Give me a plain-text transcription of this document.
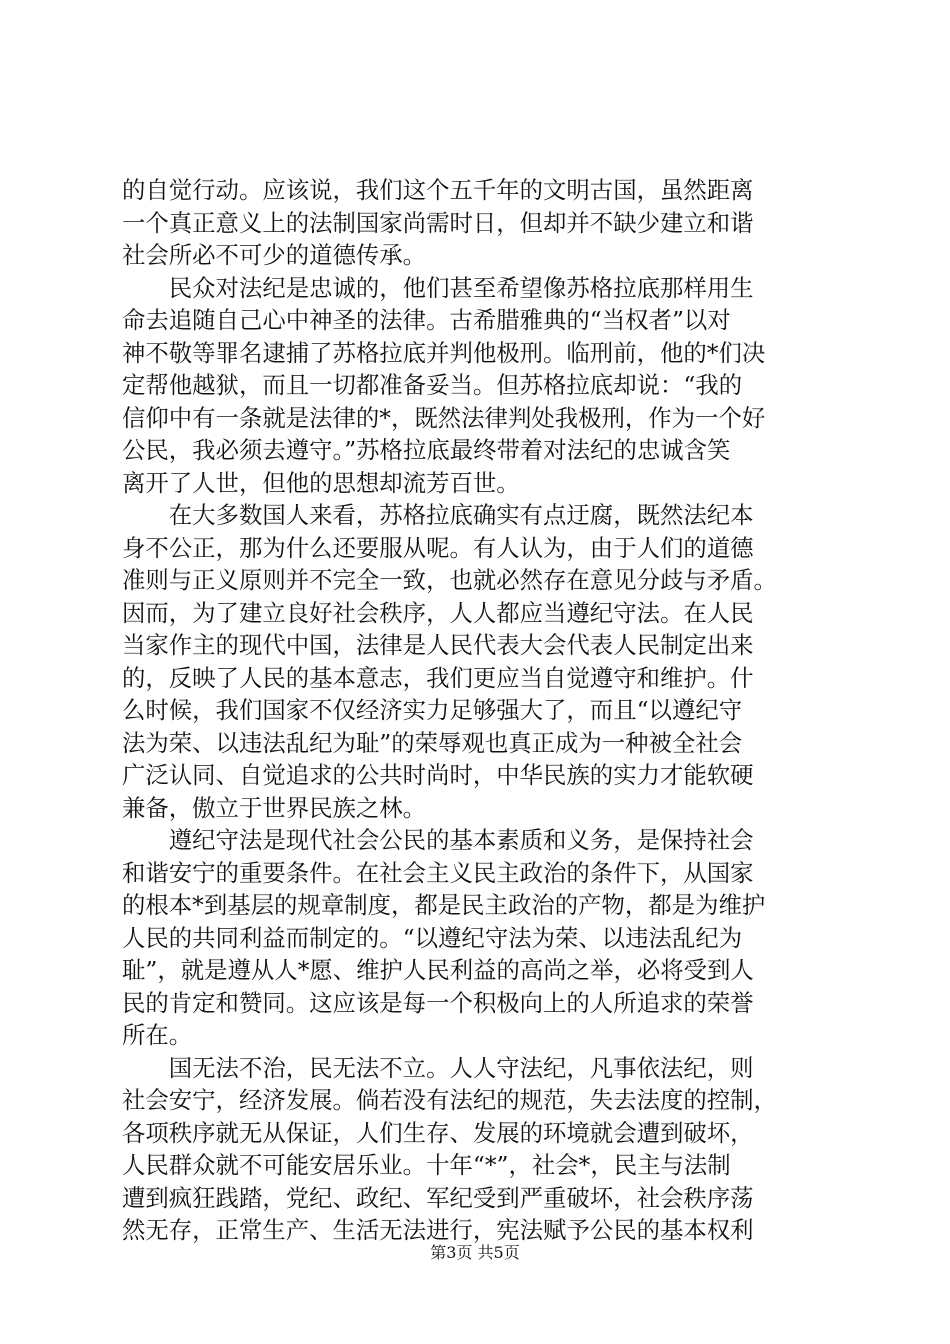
的自觉行动。应该说，我们这个五千年的文明古国，虽然距离
一个真正意义上的法制国家尚需时日，但却并不缺少建立和谐
社会所必不可少的道德传承。
　　民众对法纪是忠诚的，他们甚至希望像苏格拉底那样用生
命去追随自己心中神圣的法律。古希腊雅典的“当权者”以对
神不敬等罪名逮捕了苏格拉底并判他极刑。临刑前，他的*们决
定帮他越狱，而且一切都准备妥当。但苏格拉底却说：“我的
信仰中有一条就是法律的*，既然法律判处我极刑，作为一个好
公民，我必须去遵守。”苏格拉底最终带着对法纪的忠诚含笑
离开了人世，但他的思想却流芳百世。
　　在大多数国人来看，苏格拉底确实有点迂腐，既然法纪本
身不公正，那为什么还要服从呢。有人认为，由于人们的道德
准则与正义原则并不完全一致，也就必然存在意见分歧与矛盾。
因而，为了建立良好社会秩序，人人都应当遵纪守法。在人民
当家作主的现代中国，法律是人民代表大会代表人民制定出来
的，反映了人民的基本意志，我们更应当自觉遵守和维护。什
么时候，我们国家不仅经济实力足够强大了，而且“以遵纪守
法为荣、以违法乱纪为耻”的荣辱观也真正成为一种被全社会
广泛认同、自觉追求的公共时尚时，中华民族的实力才能软硬
兼备，傲立于世界民族之林。
　　遵纪守法是现代社会公民的基本素质和义务，是保持社会
和谐安宁的重要条件。在社会主义民主政治的条件下，从国家
的根本*到基层的规章制度，都是民主政治的产物，都是为维护
人民的共同利益而制定的。“以遵纪守法为荣、以违法乱纪为
耻”，就是遵从人*愿、维护人民利益的高尚之举，必将受到人
民的肯定和赞同。这应该是每一个积极向上的人所追求的荣誉
所在。
　　国无法不治，民无法不立。人人守法纪，凡事依法纪，则
社会安宁，经济发展。倘若没有法纪的规范，失去法度的控制，
各项秩序就无从保证，人们生存、发展的环境就会遭到破坏，
人民群众就不可能安居乐业。十年“*”，社会*，民主与法制
遭到疯狂践踏，党纪、政纪、军纪受到严重破坏，社会秩序荡
然无存，正常生产、生活无法进行，宪法赋予公民的基本权利
第3页 共5页
